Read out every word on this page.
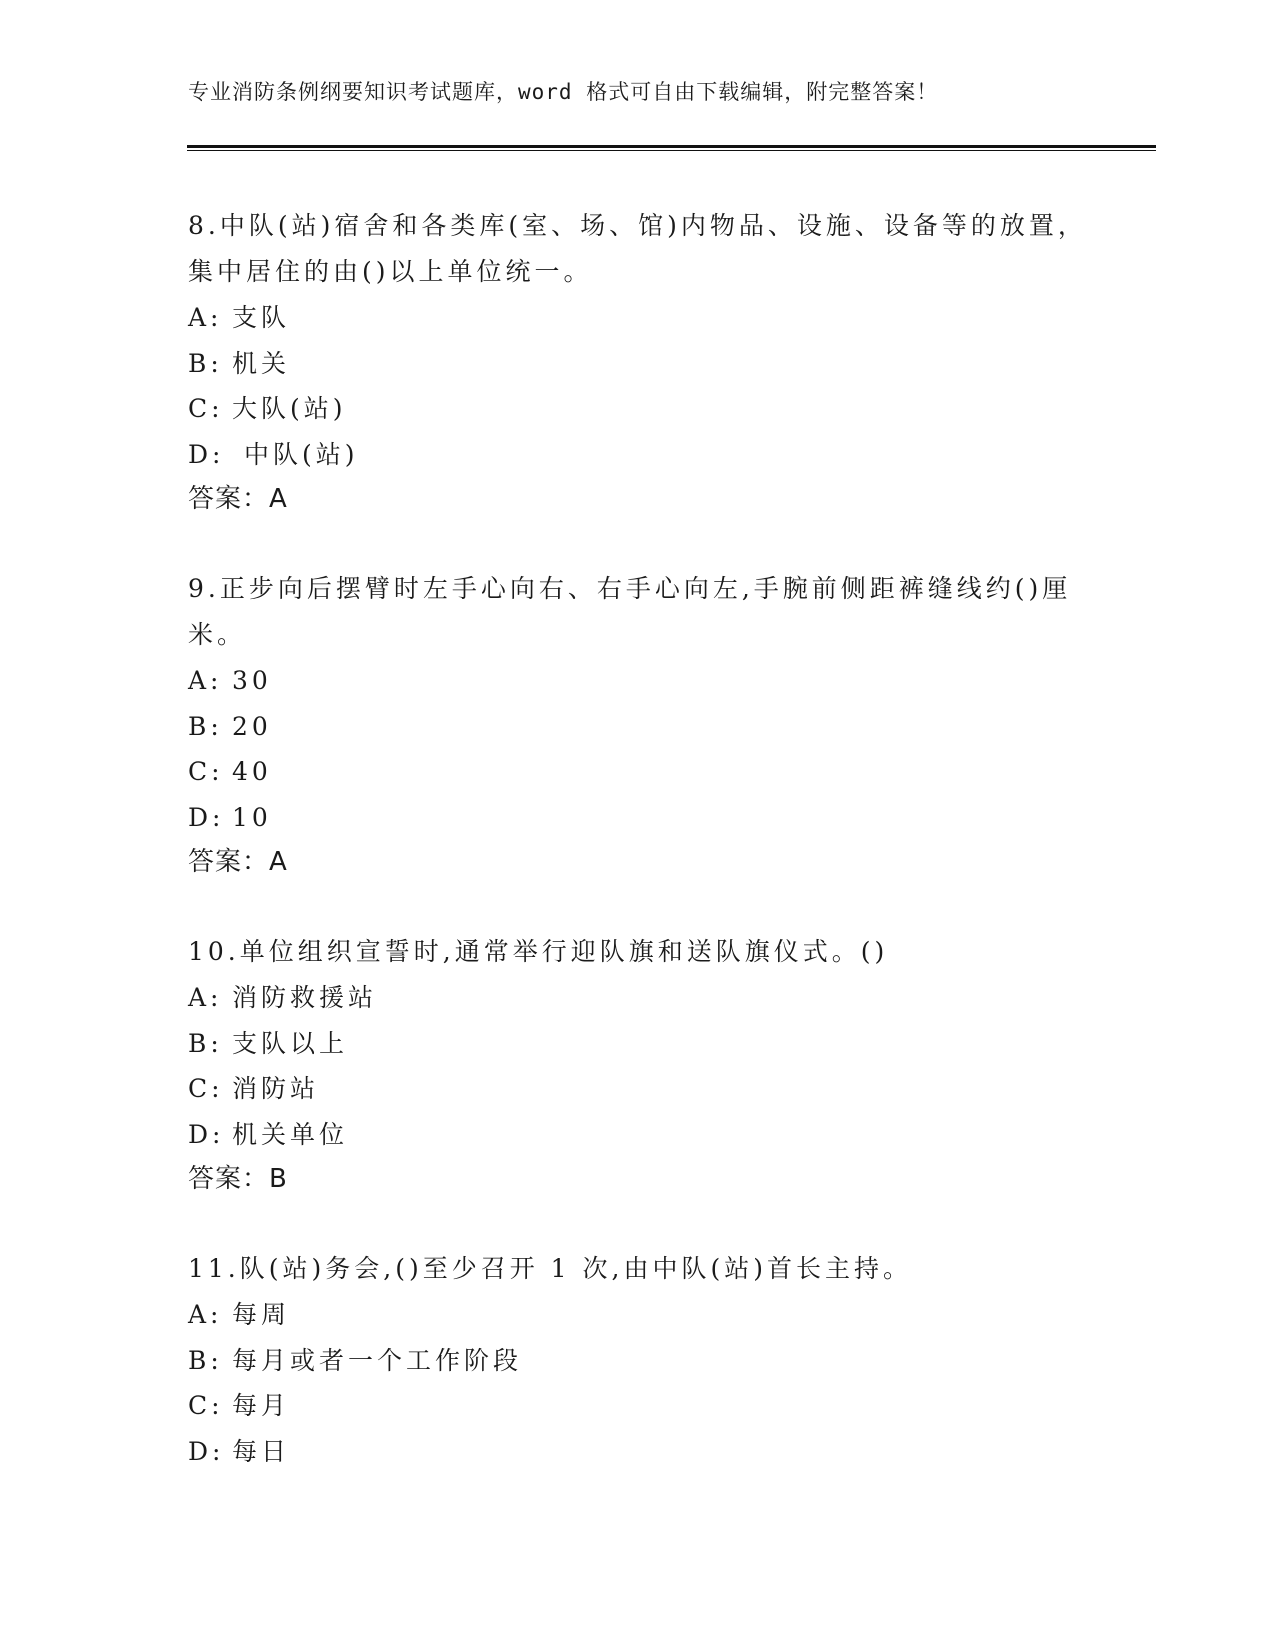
专业消防条例纲要知识考试题库，word 格式可自由下载编辑，附完整答案！

8.中队(站)宿舍和各类库(室、场、馆)内物品、设施、设备等的放置，集中居住的由()以上单位统一。

A: 支队

B: 机关

C: 大队(站)

D: 中队(站)

答案：A

9.正步向后摆臂时左手心向右、右手心向左,手腕前侧距裤缝线约()厘米。

A: 30

B: 20

C: 40

D: 10

答案：A

10.单位组织宣誓时,通常举行迎队旗和送队旗仪式。()

A: 消防救援站

B: 支队以上

C: 消防站

D: 机关单位

答案：B

11.队(站)务会,()至少召开 1 次,由中队(站)首长主持。

A: 每周

B: 每月或者一个工作阶段

C: 每月

D: 每日
